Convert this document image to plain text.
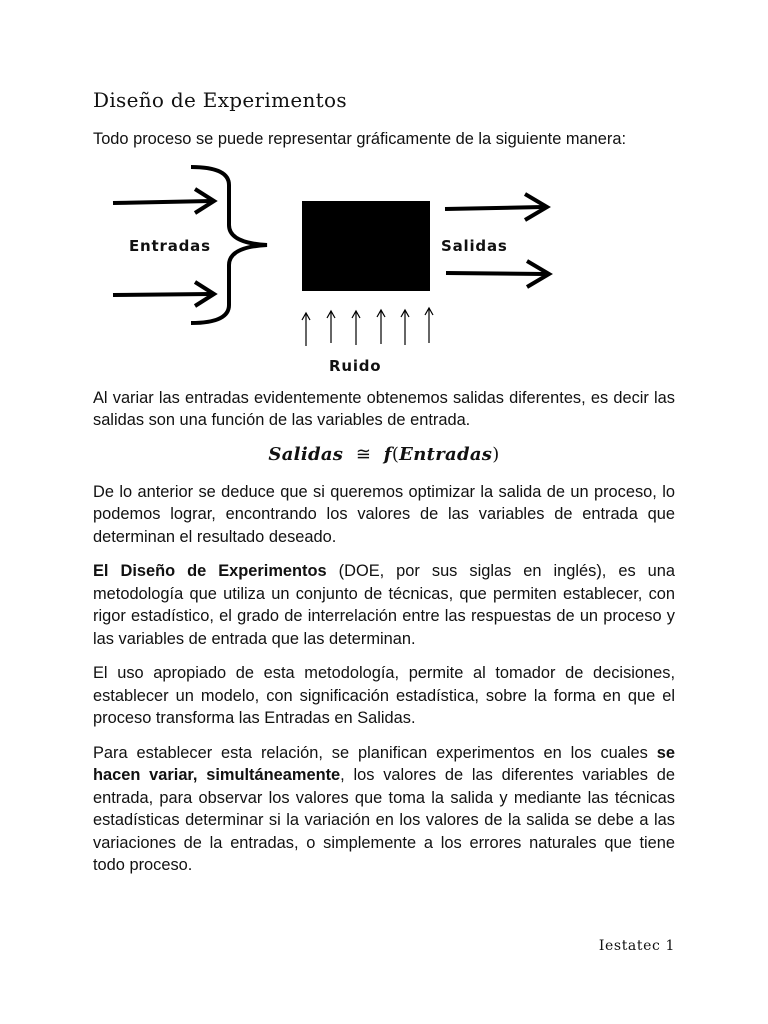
Diseño de Experimentos

Todo proceso se puede representar gráficamente de la siguiente manera:

Entradas	Salidas
Ruido

Al variar las entradas evidentemente obtenemos salidas diferentes, es decir las salidas son una función de las variables de entrada.

Salidas ≅ f(Entradas)

De lo anterior se deduce que si queremos optimizar la salida de un proceso, lo podemos lograr, encontrando los valores de las variables de entrada que determinan el resultado deseado.

El Diseño de Experimentos (DOE, por sus siglas en inglés), es una metodología que utiliza un conjunto de técnicas, que permiten establecer, con rigor estadístico, el grado de interrelación entre las respuestas de un proceso y las variables de entrada que las determinan.

El uso apropiado de esta metodología, permite al tomador de decisiones, establecer un modelo, con significación estadística, sobre la forma en que el proceso transforma las Entradas en Salidas.

Para establecer esta relación, se planifican experimentos en los cuales se hacen variar, simultáneamente, los valores de las diferentes variables de entrada, para observar los valores que toma la salida y mediante las técnicas estadísticas determinar si la variación en los valores de la salida se debe a las variaciones de la entradas, o simplemente a los errores naturales que tiene todo proceso.

Iestatec 1
